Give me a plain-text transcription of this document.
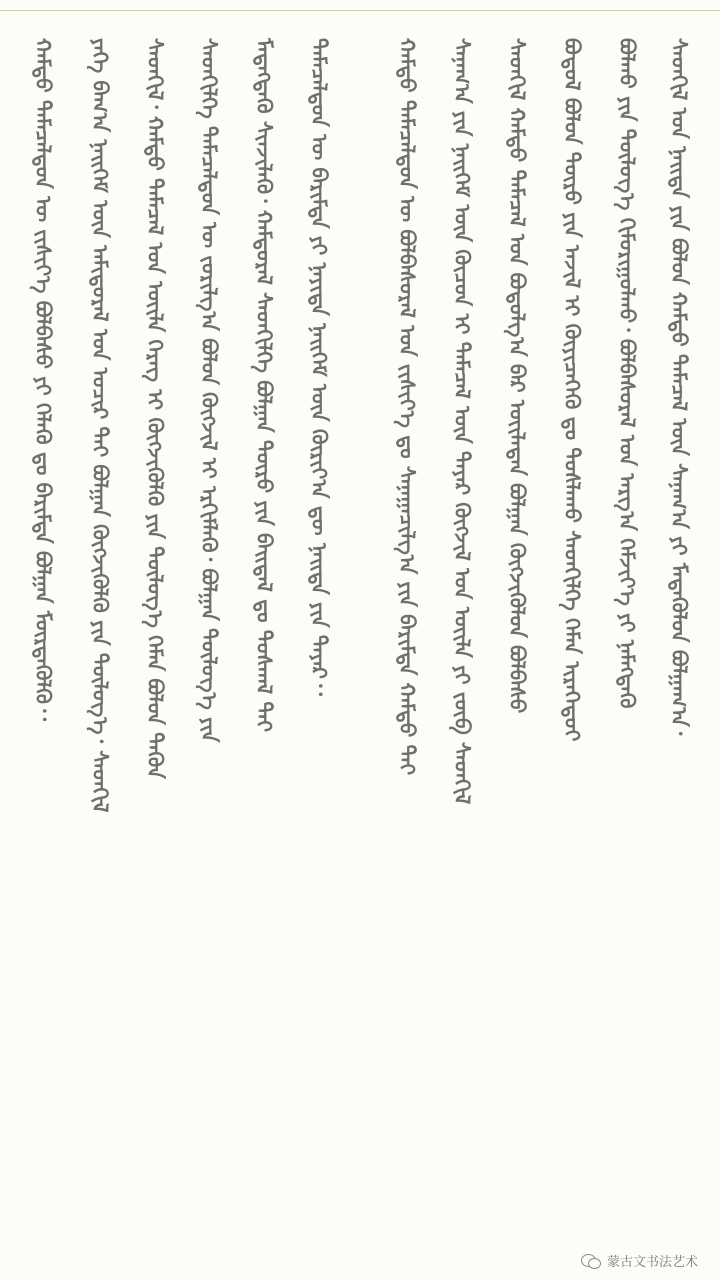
ᠬᠠᠮᠲᠤ ᠲᠡᠮᠡᠴᠡᠯᠳᠦᠨ ᠦ ᠵᠢᠱᠢᠶ᠎ᠡ ᠪᠣᠯᠪᠠᠰᠤ ᠶᠢ ᠬᠡᠯᠡᠬᠦ ᠳᠤ ᠪᠠᠷᠢᠮᠲᠠ ᠪᠣᠯᠭᠠᠨ ᠮᠥᠷᠳᠡᠭᠦᠯᠬᠦ᠂᠂ ᠶᠡᠬᠡ ᠪᠠᠭ᠎ᠠ ᠨᠡᠢᠭᠡᠮ ᠦᠨ ᠠᠮᠢᠳᠤᠷᠠᠯ ᠤᠨ ᠤᠴᠢᠷ ᠲᠡᠢ ᠪᠣᠯᠭᠠᠨ ᠬᠥᠭᠵᠢᠭᠦᠯᠬᠦ ᠶᠢᠨ ᠲᠥᠯᠥᠭ᠎ᠡ᠂ ᠰᠡᠳᠬᠢᠯ ᠰᠡᠳᠬᠢᠯ᠂ ᠬᠠᠮᠲᠤ ᠲᠡᠮᠡᠴᠡᠯ ᠤᠨ ᠦᠢᠯᠡ ᠬᠡᠷᠡᠭ ᠢ ᠬᠥᠭᠵᠢᠭᠦᠯᠬᠦ ᠶᠢᠨ ᠲᠥᠯᠥᠭ᠎ᠡ ᠬᠡᠮᠡᠨ ᠪᠣᠯᠤᠨ ᠲᠡᠭᠦᠨ ᠰᠡᠳᠬᠢᠯᠭᠡ ᠲᠡᠮᠡᠴᠡᠯᠳᠦᠨ ᠦ ᠵᠣᠷᠢᠯᠭ᠎ᠠ ᠪᠣᠯᠤᠨ ᠬᠥᠭᠵᠢᠯ ᠢ ᠡᠷᠬᠢᠮᠯᠡᠬᠦ᠂ ᠪᠣᠯᠭᠠᠨ ᠲᠥᠯᠥᠭ᠎ᠡ ᠶᠢᠨ ᠮᠡᠳᠡᠭᠳᠡᠬᠦ ᠰᠢᠨᠵᠢᠯᠡᠬᠦ᠂ ᠬᠠᠮᠲᠤᠷᠠᠯ ᠰᠡᠳᠬᠢᠯᠭᠡ ᠪᠣᠯᠭᠠᠨ ᠲᠥᠷᠥ ᠶᠢᠨ ᠪᠠᠢᠳᠠᠯ ᠳᠤ ᠲᠤᠰᠬᠠᠯ ᠲᠠᠢ ᠲᠡᠮᠡᠴᠡᠯᠳᠦᠨ ᠦ ᠪᠠᠷᠢᠮᠲᠠ ᠶᠢ ᠨᠡᠶᠢᠲᠡ ᠨᠡᠢᠭᠡᠮ ᠦᠨ ᠬᠦᠷᠢᠶ᠎ᠡᠨ ᠳᠦ ᠨᠡᠢᠲᠡ ᠶᠢᠨ ᠳᠠᠶᠠᠷ᠂᠂	ᠬᠠᠮᠲᠤ ᠲᠡᠮᠡᠴᠡᠯᠳᠦᠨ ᠦ ᠪᠣᠯᠪᠠᠰᠤᠷᠠᠯ ᠤᠨ ᠵᠢᠱᠢᠶ᠎ᠡ ᠳᠤ ᠰᠠᠨᠠᠭᠠᠴᠢᠯᠭ᠎ᠠ ᠶᠢᠨ ᠪᠠᠷᠢᠮᠲᠠ ᠬᠠᠮᠲᠤ ᠲᠡᠢ ᠰᠠᠨᠠᠭ᠎ᠠ ᠶᠢᠨ ᠨᠡᠢᠭᠡᠮ ᠦᠨ ᠬᠦᠴᠦᠨ ᠢ ᠲᠡᠮᠡᠴᠡᠯ ᠦᠨ ᠳᠠᠶᠠᠷ ᠬᠥᠭᠵᠢᠯ ᠤᠨ ᠦᠢᠯᠡ ᠶᠢ ᠵᠥᠪ ᠰᠡᠳᠬᠢᠯ ᠰᠡᠳᠬᠢᠯ ᠬᠠᠮᠲᠤ ᠲᠡᠮᠡᠴᠡᠯ ᠤᠨ ᠪᠣᠳᠤᠯᠭ᠎ᠠ ᠪᠠᠷ ᠦᠢᠯᠡᠳᠡᠨ ᠪᠣᠯᠭᠠᠨ ᠬᠥᠭᠵᠢᠭᠦᠯᠦᠨ ᠪᠣᠯᠪᠠᠰᠤ ᠪᠣᠳᠤᠯ ᠪᠣᠯᠤᠨ ᠲᠥᠷᠥ ᠶᠢᠨ ᠠᠵᠢᠯ ᠢ ᠭᠦᠶᠢᠴᠡᠭᠡᠬᠦ ᠳᠤ ᠲᠤᠰᠯᠠᠬᠤ ᠰᠡᠳᠬᠢᠯᠭᠡ ᠬᠡᠮᠡᠨ ᠢᠷᠡᠭᠡᠳᠦᠢ ᠪᠣᠯᠬᠤ ᠶᠢᠨ ᠲᠥᠯᠥᠭ᠎ᠡ ᠬᠢᠮᠤᠷᠢᠭᠤᠯᠬᠤ᠂ ᠪᠣᠯᠪᠠᠰᠤᠷᠠᠯ ᠤᠨ ᠠᠷᠭ᠎ᠠ ᠬᠡᠮᠵᠢᠶ᠎ᠡ ᠶᠢ ᠨᠡᠮᠡᠭᠳᠡᠬᠦ ᠰᠡᠳᠬᠢᠯ ᠤᠨ ᠨᠡᠢᠲᠡ ᠶᠢᠨ ᠪᠣᠯᠤᠨ ᠬᠠᠮᠲᠤ ᠲᠡᠮᠡᠴᠡᠯ ᠦᠨ ᠰᠠᠨᠠᠭ᠎ᠠ ᠶᠢ ᠮᠡᠳᠡᠭᠦᠯᠦᠨ ᠪᠣᠯᠭᠠᠭ᠎ᠠ᠂
蒙古文书法艺术
